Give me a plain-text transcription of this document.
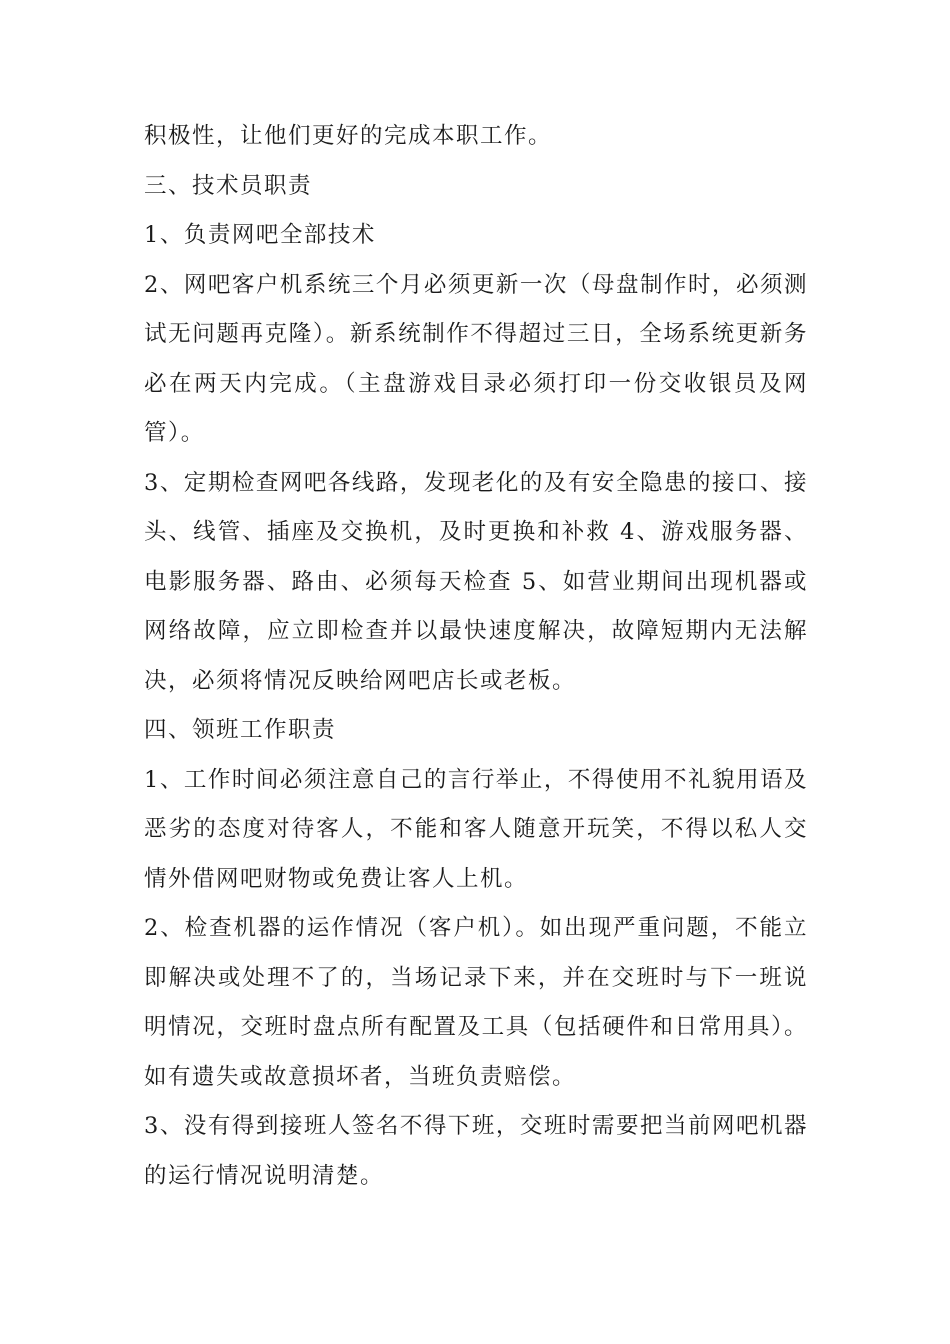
积极性，让他们更好的完成本职工作。

三、技术员职责

1、负责网吧全部技术

2、网吧客户机系统三个月必须更新一次（母盘制作时，必须测试无问题再克隆）。新系统制作不得超过三日，全场系统更新务必在两天内完成。（主盘游戏目录必须打印一份交收银员及网管）。

3、定期检查网吧各线路，发现老化的及有安全隐患的接口、接头、线管、插座及交换机，及时更换和补救 4、游戏服务器、电影服务器、路由、必须每天检查 5、如营业期间出现机器或网络故障，应立即检查并以最快速度解决，故障短期内无法解决，必须将情况反映给网吧店长或老板。

四、领班工作职责

1、工作时间必须注意自己的言行举止，不得使用不礼貌用语及恶劣的态度对待客人，不能和客人随意开玩笑，不得以私人交情外借网吧财物或免费让客人上机。

2、检查机器的运作情况（客户机）。如出现严重问题，不能立即解决或处理不了的，当场记录下来，并在交班时与下一班说明情况，交班时盘点所有配置及工具（包括硬件和日常用具）。如有遗失或故意损坏者，当班负责赔偿。

3、没有得到接班人签名不得下班，交班时需要把当前网吧机器的运行情况说明清楚。
